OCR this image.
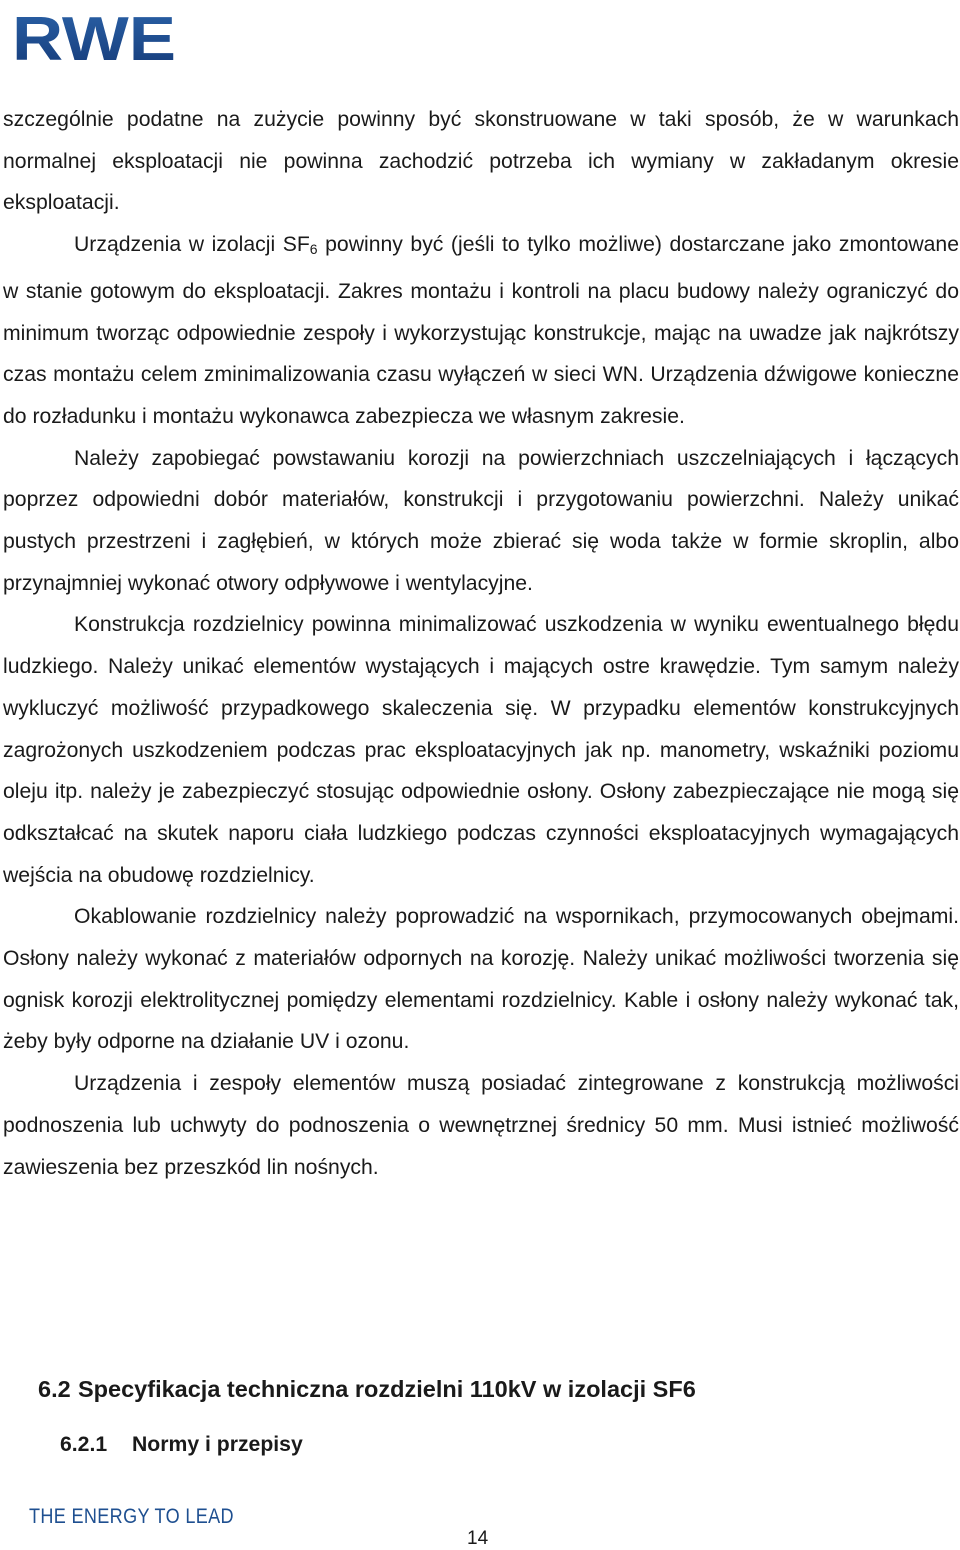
RWE

szczególnie podatne na zużycie powinny być skonstruowane w taki sposób, że w warunkach normalnej eksploatacji nie powinna zachodzić potrzeba ich wymiany w zakładanym okresie eksploatacji.

Urządzenia w izolacji $SF_6$ powinny być (jeśli to tylko możliwe) dostarczane jako zmontowane w stanie gotowym do eksploatacji. Zakres montażu i kontroli na placu budowy należy ograniczyć do minimum tworząc odpowiednie zespoły i wykorzystując konstrukcje, mając na uwadze jak najkrótszy czas montażu celem zminimalizowania czasu wyłączeń w sieci WN. Urządzenia dźwigowe konieczne do rozładunku i montażu wykonawca zabezpiecza we własnym zakresie.

Należy zapobiegać powstawaniu korozji na powierzchniach uszczelniających i łączących poprzez odpowiedni dobór materiałów, konstrukcji i przygotowaniu powierzchni. Należy unikać pustych przestrzeni i zagłębień, w których może zbierać się woda także w formie skroplin, albo przynajmniej wykonać otwory odpływowe i wentylacyjne.

Konstrukcja rozdzielnicy powinna minimalizować uszkodzenia w wyniku ewentualnego błędu ludzkiego. Należy unikać elementów wystających i mających ostre krawędzie. Tym samym należy wykluczyć możliwość przypadkowego skaleczenia się. W przypadku elementów konstrukcyjnych zagrożonych uszkodzeniem podczas prac eksploatacyjnych jak np. manometry, wskaźniki poziomu oleju itp. należy je zabezpieczyć stosując odpowiednie osłony. Osłony zabezpieczające nie mogą się odkształcać na skutek naporu ciała ludzkiego podczas czynności eksploatacyjnych wymagających wejścia na obudowę rozdzielnicy.

Okablowanie rozdzielnicy należy poprowadzić na wspornikach, przymocowanych obejmami. Osłony należy wykonać z materiałów odpornych na korozję. Należy unikać możliwości tworzenia się ognisk korozji elektrolitycznej pomiędzy elementami rozdzielnicy. Kable i osłony należy wykonać tak, żeby były odporne na działanie UV i ozonu.

Urządzenia i zespoły elementów muszą posiadać zintegrowane z konstrukcją możliwości podnoszenia lub uchwyty do podnoszenia o wewnętrznej średnicy 50 mm. Musi istnieć możliwość zawieszenia bez przeszkód lin nośnych.

6.2 Specyfikacja techniczna rozdzielni 110kV w izolacji SF6
6.2.1 Normy i przepisy
THE ENERGY TO LEAD
14
